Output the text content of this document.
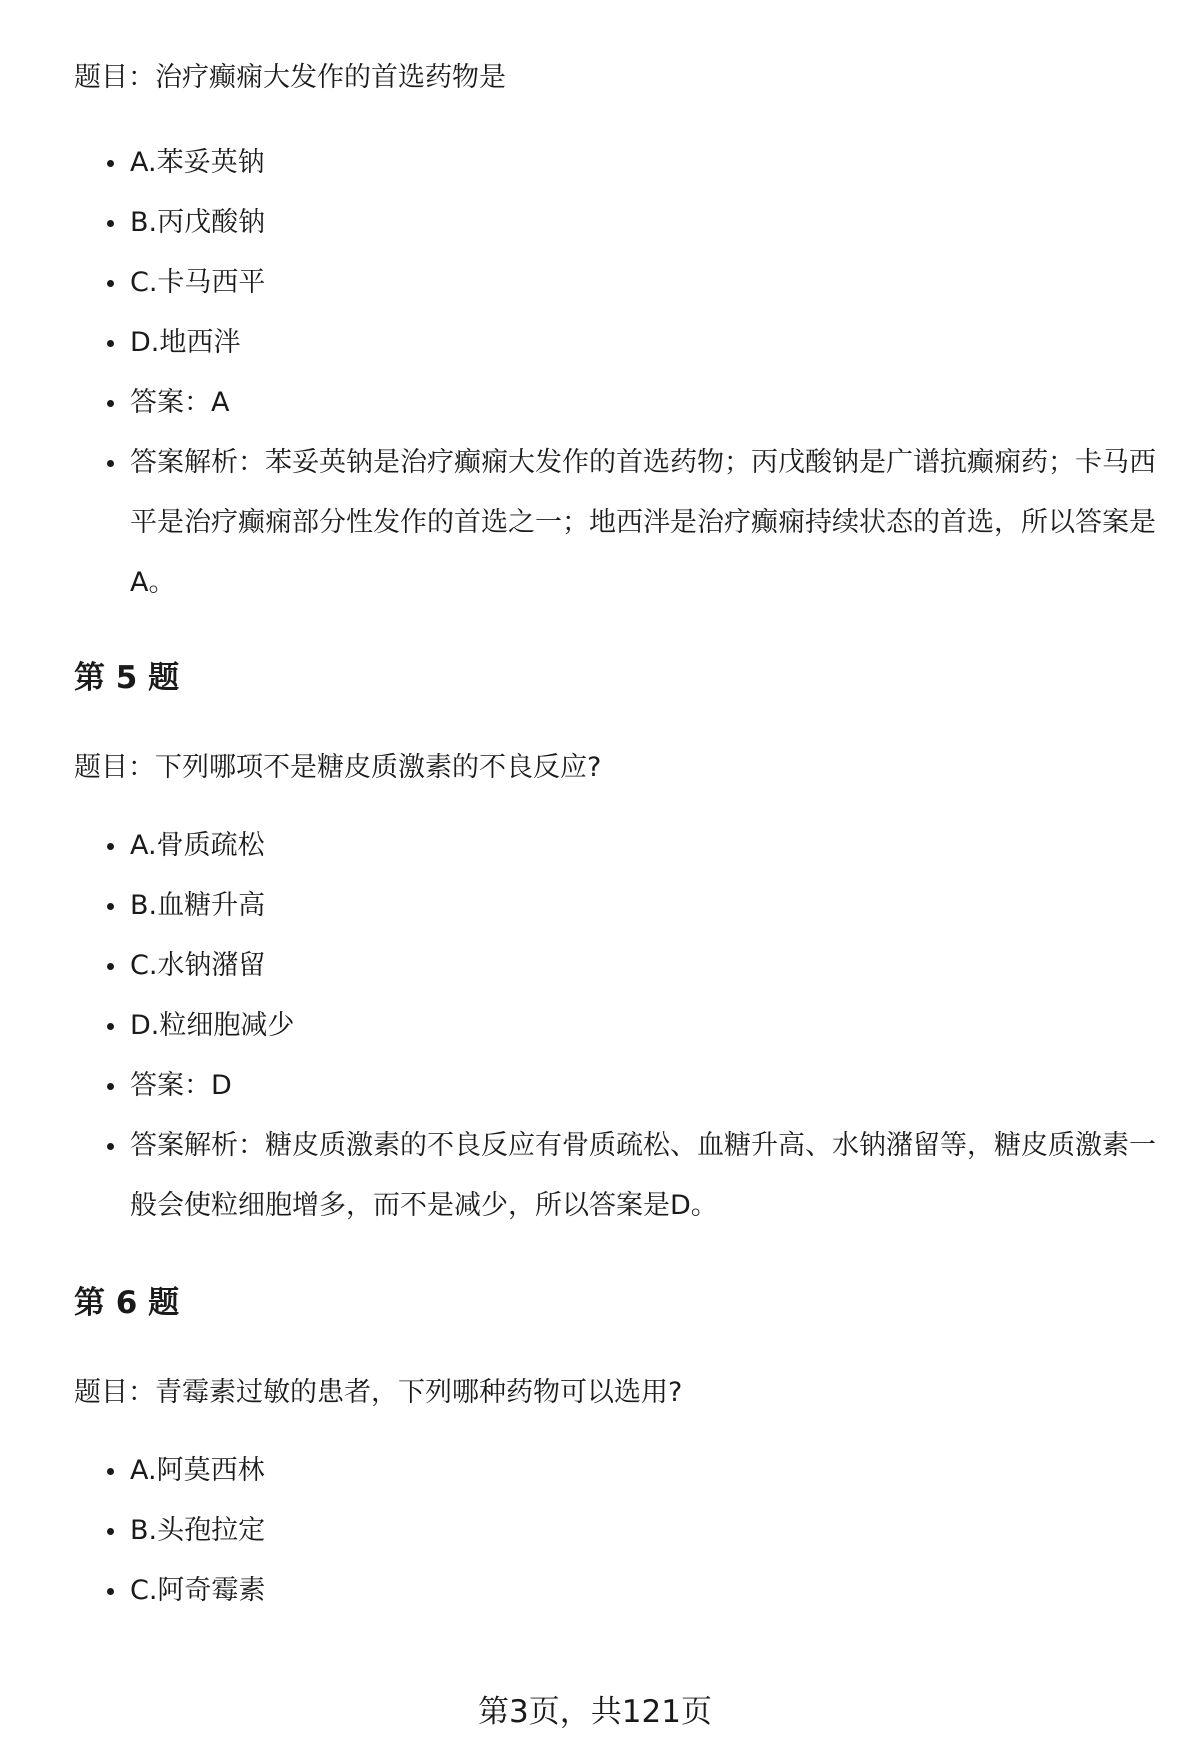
题目：治疗癫痫大发作的首选药物是

A.苯妥英钠
B.丙戊酸钠
C.卡马西平
D.地西泮
答案：A
答案解析：苯妥英钠是治疗癫痫大发作的首选药物；丙戊酸钠是广谱抗癫痫药；卡马西平是治疗癫痫部分性发作的首选之一；地西泮是治疗癫痫持续状态的首选，所以答案是A。
第 5 题

题目：下列哪项不是糖皮质激素的不良反应?

A.骨质疏松
B.血糖升高
C.水钠潴留
D.粒细胞减少
答案：D
答案解析：糖皮质激素的不良反应有骨质疏松、血糖升高、水钠潴留等，糖皮质激素一般会使粒细胞增多，而不是减少，所以答案是D。
第 6 题

题目：青霉素过敏的患者，下列哪种药物可以选用?

A.阿莫西林
B.头孢拉定
C.阿奇霉素
第3页，共121页
